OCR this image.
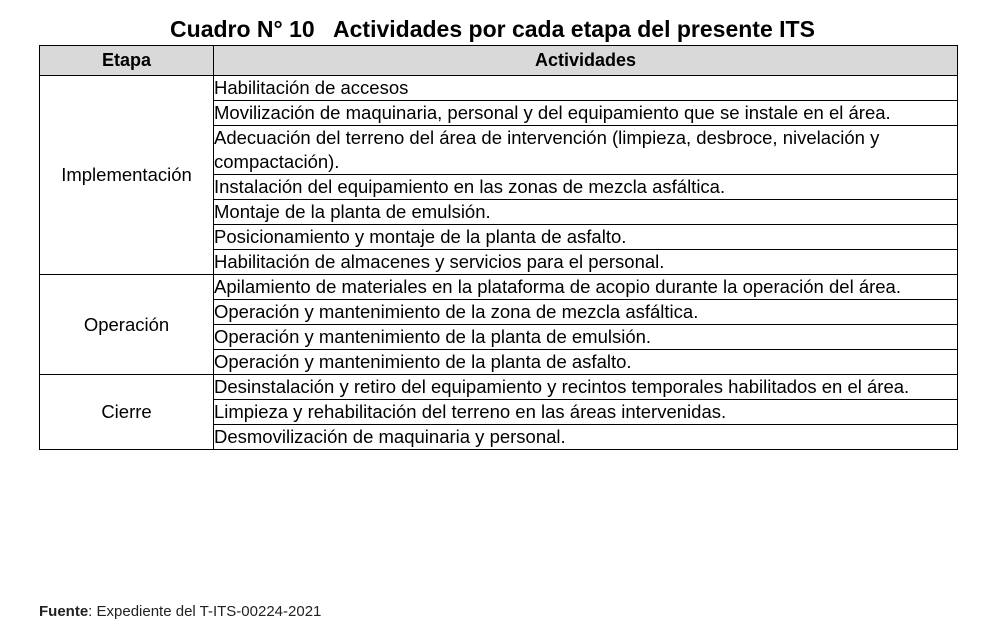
Cuadro N° 10   Actividades por cada etapa del presente ITS
Etapa	Actividades
Implementación	Habilitación de accesos
	Movilización de maquinaria, personal y del equipamiento que se instale en el área.
	Adecuación del terreno del área de intervención (limpieza, desbroce, nivelación y compactación).
	Instalación del equipamiento en las zonas de mezcla asfáltica.
	Montaje de la planta de emulsión.
	Posicionamiento y montaje de la planta de asfalto.
	Habilitación de almacenes y servicios para el personal.
Operación	Apilamiento de materiales en la plataforma de acopio durante la operación del área.
	Operación y mantenimiento de la zona de mezcla asfáltica.
	Operación y mantenimiento de la planta de emulsión.
	Operación y mantenimiento de la planta de asfalto.
Cierre	Desinstalación y retiro del equipamiento y recintos temporales habilitados en el área.
	Limpieza y rehabilitación del terreno en las áreas intervenidas.
	Desmovilización de maquinaria y personal.
Fuente: Expediente del T-ITS-00224-2021
